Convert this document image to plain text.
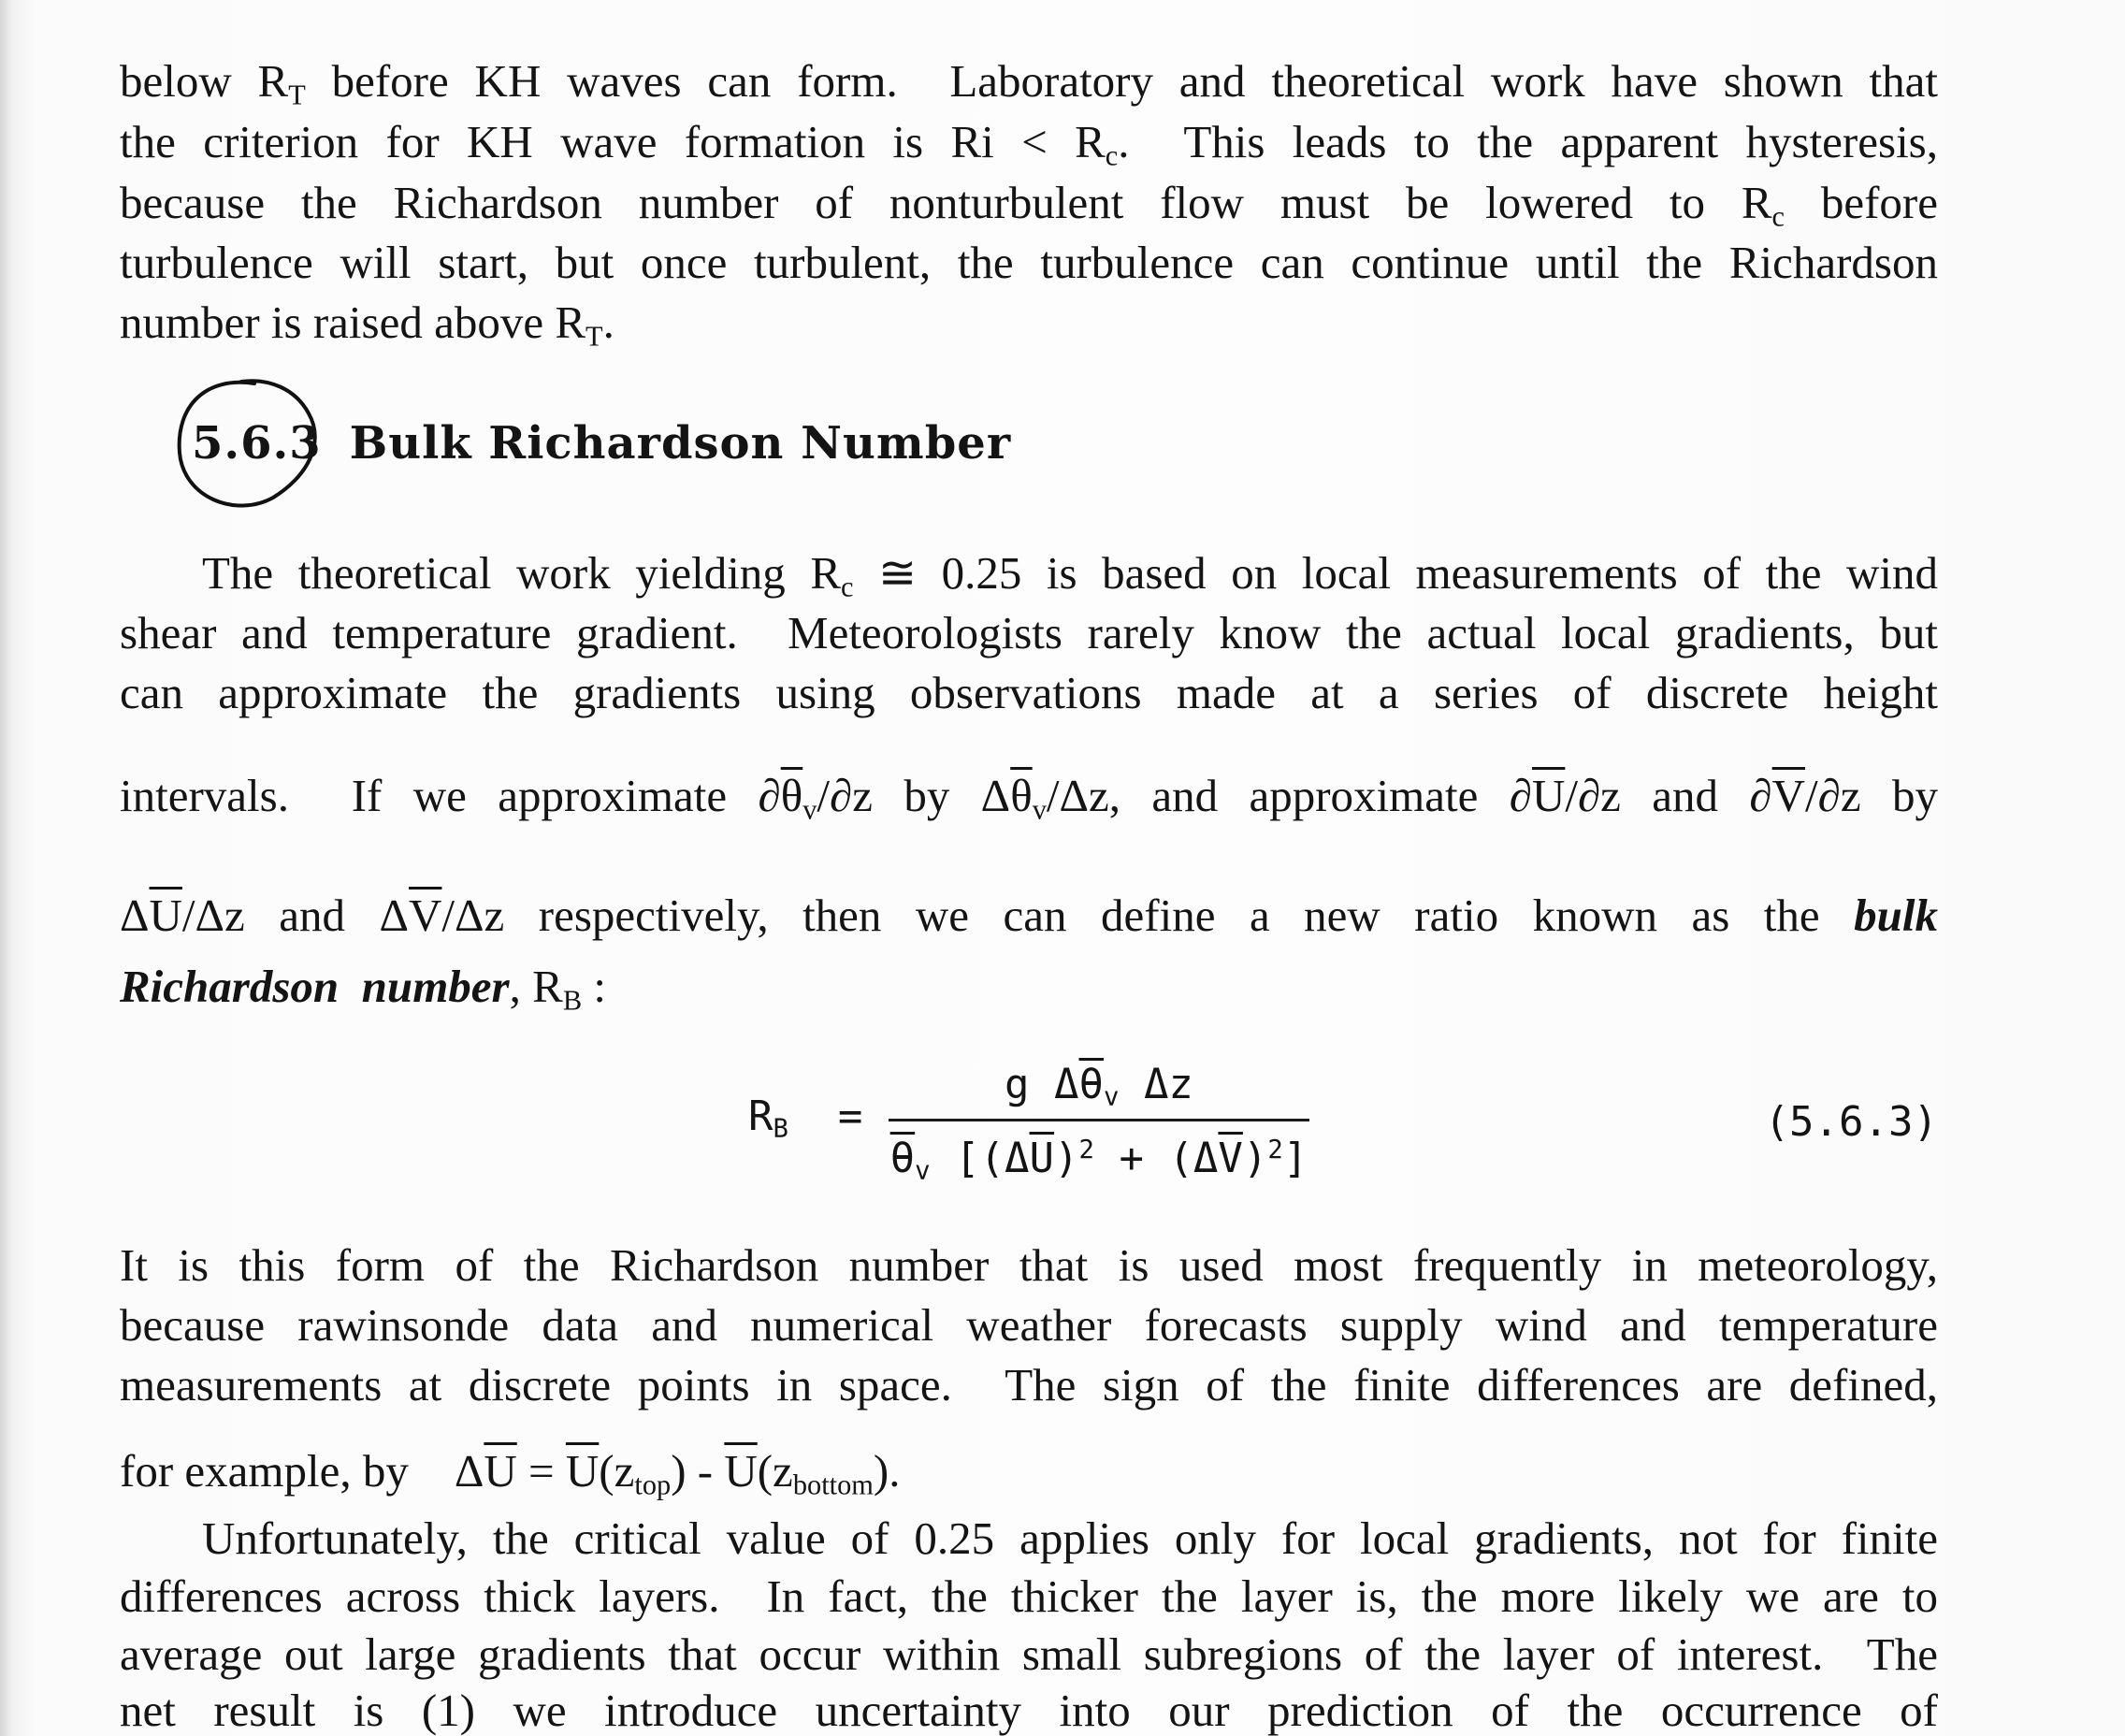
below $R_T$ before KH waves can form.  Laboratory and theoretical work have shown that
the criterion for KH wave formation is $Ri < R_c$.  This leads to the apparent hysteresis,
because the Richardson number of nonturbulent flow must be lowered to $R_c$ before
turbulence will start, but once turbulent, the turbulence can continue until the Richardson
number is raised above $R_T$.
5.6.3 Bulk Richardson Number
The theoretical work yielding $R_c$ ≅ 0.25 is based on local measurements of the wind
shear and temperature gradient.  Meteorologists rarely know the actual local gradients, but
can approximate the gradients using observations made at a series of discrete height
intervals.  If we approximate $\partial\overline{\theta}_v/\partial z$ by $\Delta\overline{\theta}_v/\Delta z$, and approximate $\partial\overline{U}/\partial z$ and $\partial\overline{V}/\partial z$ by
$\Delta\overline{U}/\Delta z$ and $\Delta\overline{V}/\Delta z$ respectively, then we can define a new ratio known as the bulk
Richardson  number, $R_B$ :
$R_B$  =
g $\Delta\overline{\theta}_v$ Δz
$\overline{\theta}_v$ $[(\Delta\overline{U})^2 + (\Delta\overline{V})^2]$
(5.6.3)
It is this form of the Richardson number that is used most frequently in meteorology,
because rawinsonde data and numerical weather forecasts supply wind and temperature
measurements at discrete points in space.  The sign of the finite differences are defined,
for example, by    $\Delta\overline{U} = \overline{U}(z_{top}) - \overline{U}(z_{bottom})$.
Unfortunately, the critical value of 0.25 applies only for local gradients, not for finite
differences across thick layers.  In fact, the thicker the layer is, the more likely we are to
average out large gradients that occur within small subregions of the layer of interest.  The
net result is (1) we introduce uncertainty into our prediction of the occurrence of
